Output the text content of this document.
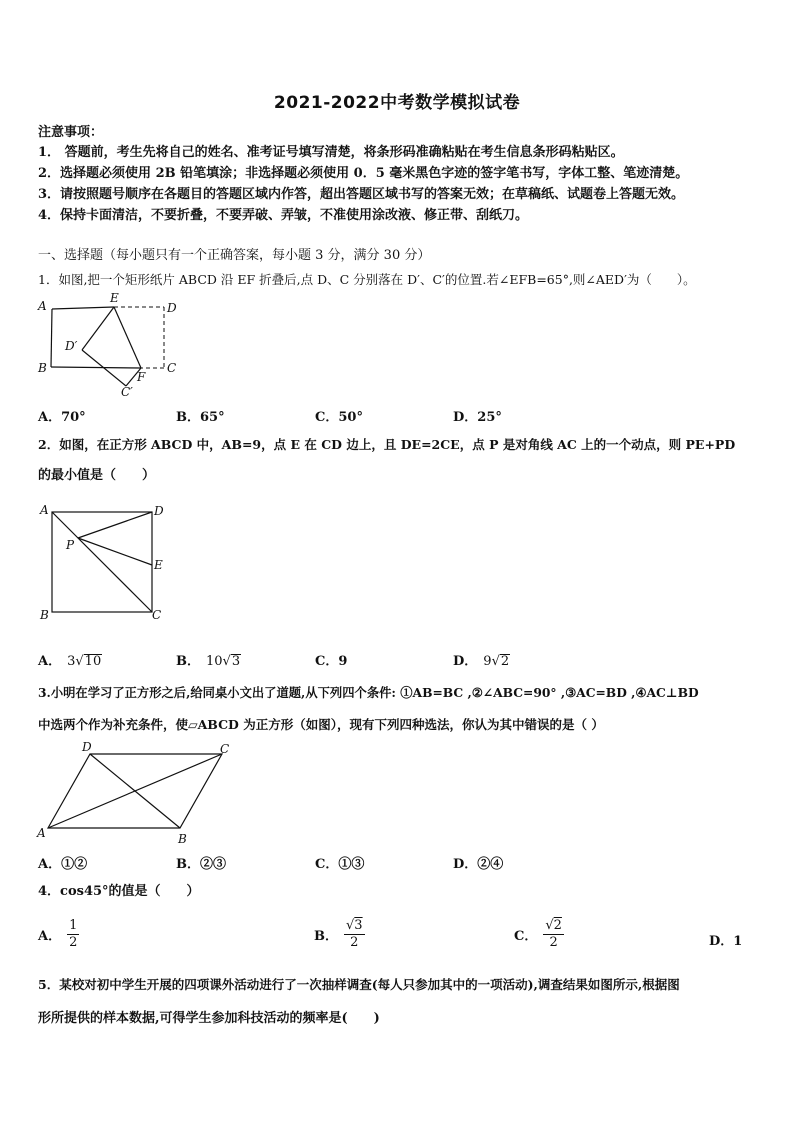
2021-2022中考数学模拟试卷
注意事项：
1． 答题前，考生先将自己的姓名、准考证号填写清楚，将条形码准确粘贴在考生信息条形码粘贴区。
2．选择题必须使用 2B 铅笔填涂；非选择题必须使用 0．5 毫米黑色字迹的签字笔书写，字体工整、笔迹清楚。
3．请按照题号顺序在各题目的答题区域内作答，超出答题区域书写的答案无效；在草稿纸、试题卷上答题无效。
4．保持卡面清洁，不要折叠，不要弄破、弄皱，不准使用涂改液、修正带、刮纸刀。
一、选择题（每小题只有一个正确答案，每小题 3 分，满分 30 分）
1．如图,把一个矩形纸片 ABCD 沿 EF 折叠后,点 D、C 分别落在 D′、C′的位置.若∠EFB=65°,则∠AED′为（　　）。
A
E
D
D′
B
F
C
C′
A．70°	B．65°	C．50°	D．25°
2．如图，在正方形 ABCD 中，AB=9，点 E 在 CD 边上，且 DE=2CE，点 P 是对角线 AC 上的一个动点，则 PE+PD
的最小值是（　　）
A	D
P
E
B	C
A． 3√10	B． 10√3	C．9	D． 9√2
3.小明在学习了正方形之后,给同桌小文出了道题,从下列四个条件: ①AB=BC ,②∠ABC=90° ,③AC=BD ,④AC⊥BD
中选两个作为补充条件，使▱ABCD 为正方形（如图），现有下列四种选法，你认为其中错误的是（ ）
D	C
A	B
A．①②	B．②③	C．①③	D．②④
4．cos45°的值是（　　）
A． $\frac{1}{2}$	B． $\frac{√3}{2}$	C． $\frac{√2}{2}$	D．1
5．某校对初中学生开展的四项课外活动进行了一次抽样调查(每人只参加其中的一项活动),调查结果如图所示,根据图
形所提供的样本数据,可得学生参加科技活动的频率是(　　)
